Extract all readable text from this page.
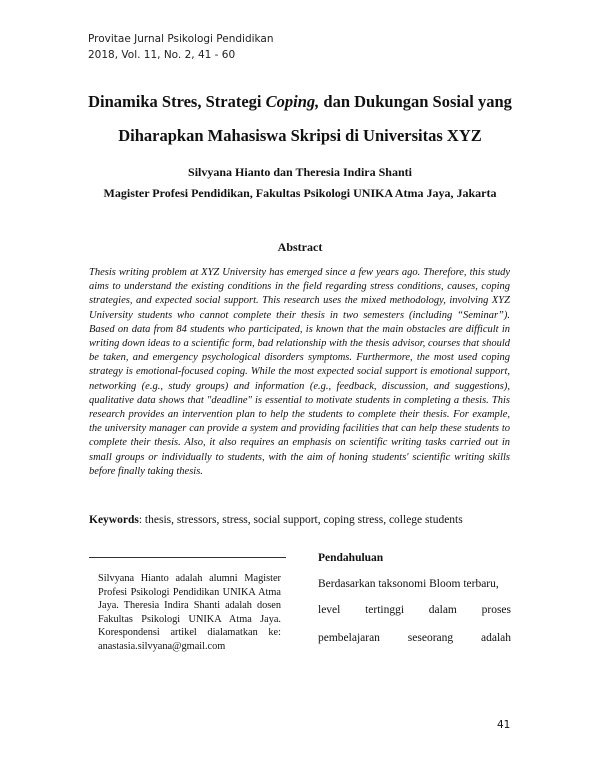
Provitae Jurnal Psikologi Pendidikan
2018, Vol. 11, No. 2, 41 - 60
Dinamika Stres, Strategi Coping, dan Dukungan Sosial yang
Diharapkan Mahasiswa Skripsi di Universitas XYZ
Silvyana Hianto dan Theresia Indira Shanti
Magister Profesi Pendidikan, Fakultas Psikologi UNIKA Atma Jaya, Jakarta
Abstract

Thesis writing problem at XYZ University has emerged since a few years ago. Therefore, this study aims to understand the existing conditions in the field regarding stress conditions, causes, coping strategies, and expected social support. This research uses the mixed methodology, involving XYZ University students who cannot complete their thesis in two semesters (including “Seminar”). Based on data from 84 students who participated, is known that the main obstacles are difficult in writing down ideas to a scientific form, bad relationship with the thesis advisor, courses that should be taken, and emergency psychological disorders symptoms. Furthermore, the most used coping strategy is emotional-focused coping. While the most expected social support is emotional support, networking (e.g., study groups) and information (e.g., feedback, discussion, and suggestions), qualitative data shows that "deadline" is essential to motivate students in completing a thesis. This research provides an intervention plan to help the students to complete their thesis. For example, the university manager can provide a system and providing facilities that can help these students to complete their thesis. Also, it also requires an emphasis on scientific writing tasks carried out in small groups or individually to students, with the aim of honing students' scientific writing skills before finally taking thesis.

Keywords: thesis, stressors, stress, social support, coping stress, college students

Silvyana Hianto adalah alumni Magister Profesi Psikologi Pendidikan UNIKA Atma Jaya. Theresia Indira Shanti adalah dosen Fakultas Psikologi UNIKA Atma Jaya. Korespondensi artikel dialamatkan ke: anastasia.silvyana@gmail.com

Pendahuluan
Berdasarkan taksonomi Bloom terbaru,
level tertinggi dalam proses
pembelajaran seseorang adalah
41
